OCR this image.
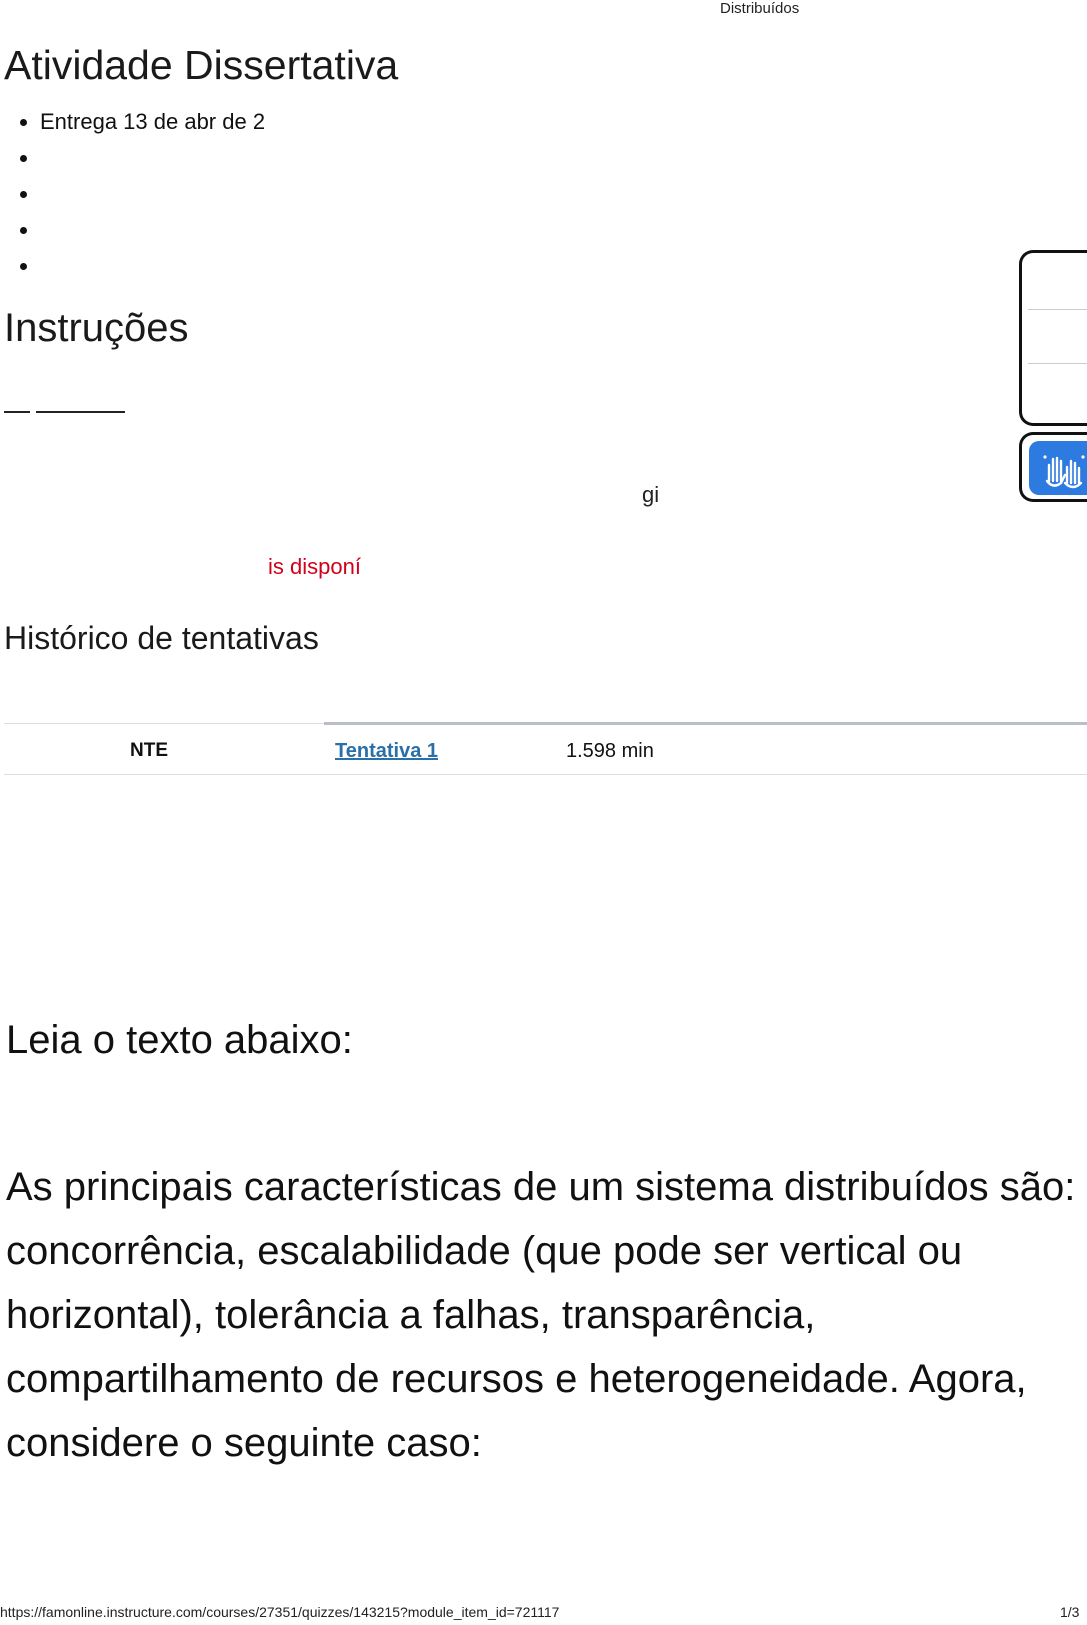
Distribuídos
Atividade Dissertativa
• Entrega 13 de abr de 2
•
•
•
•
Instruções
gi
is disponí
Histórico de tentativas
NTE	Tentativa 1	1.598 min
Leia o texto abaixo:

As principais características de um sistema distribuídos são: concorrência, escalabilidade (que pode ser vertical ou horizontal), tolerância a falhas, transparência, compartilhamento de recursos e heterogeneidade. Agora, considere o seguinte caso:

https://famonline.instructure.com/courses/27351/quizzes/143215?module_item_id=721117	1/3
